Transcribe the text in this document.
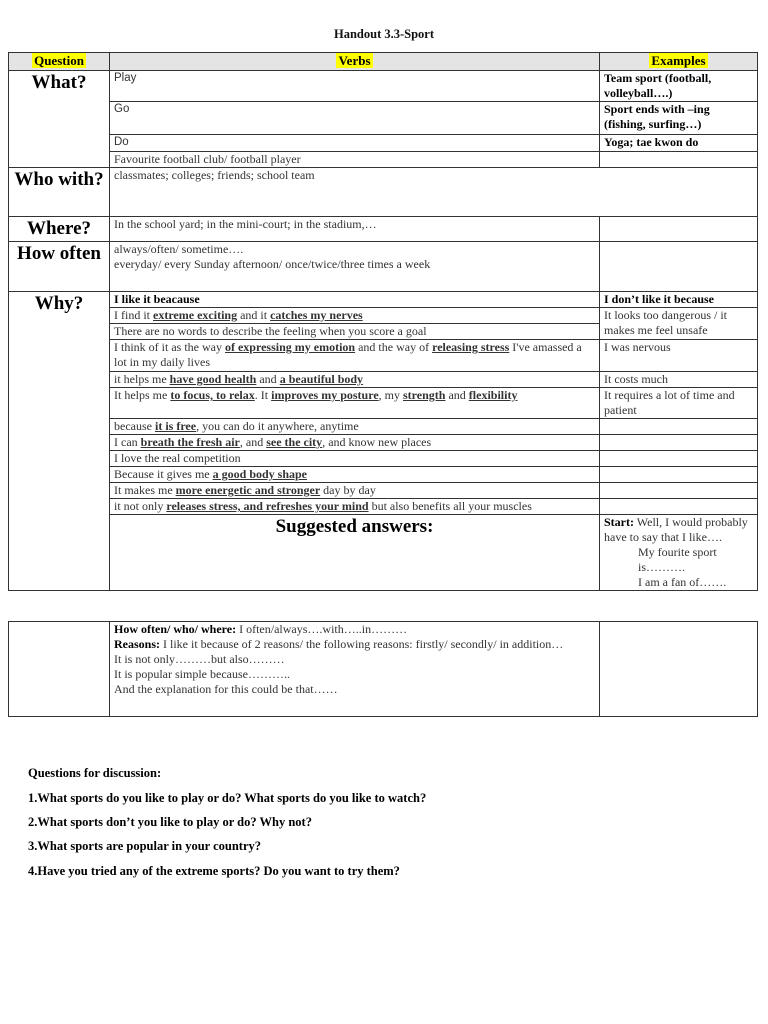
Handout 3.3-Sport
Question	Verbs	Examples	
What?	Play	Team sport (football, volleyball….)	
	Go	Sport ends with –ing (fishing, surfing…)	
	Do	Yoga; tae kwon do	
	Favourite football club/ football player		
Who with?	classmates; colleges; friends; school team		
Where?	In the school yard; in the mini-court; in the stadium,…		
How often	always/often/ sometime….
everyday/ every Sunday afternoon/ once/twice/three times a week		

Why?	I like it beacause	I don’t like it because	
	I find it extreme exciting and it catches my nerves	It looks too dangerous / it makes me feel unsafe	
	There are no words to describe the feeling when you score a goal		
	I think of it as the way of expressing my emotion and the way of releasing stress I've amassed a lot in my daily lives	I was nervous	
	it helps me have good health and a beautiful body	It costs much	
	It helps me to focus, to relax. It improves my posture, my strength and flexibility	It requires a lot of time and patient	
	because it is free, you can do it anywhere, anytime		
	I can breath the fresh air, and see the city, and know new places		
	I love the real competition		
	Because it gives me a good body shape		
	It makes me more energetic and stronger day by day		
	it not only releases stress, and refreshes your mind but also benefits all your muscles		
	Suggested answers:	Start: Well, I would probably have to say that I like….
My fourite sport is……….
I am a fan of…….	

How often/ who/ where: I often/always….with…..in………
Reasons: I like it because of 2 reasons/ the following reasons: firstly/ secondly/ in addition…
It is not only………but also………
It is popular simple because………..
And the explanation for this could be that……

Questions for discussion:
1.What sports do you like to play or do? What sports do you like to watch?
2.What sports don’t you like to play or do? Why not?
3.What sports are popular in your country?
4.Have you tried any of the extreme sports? Do you want to try them?
